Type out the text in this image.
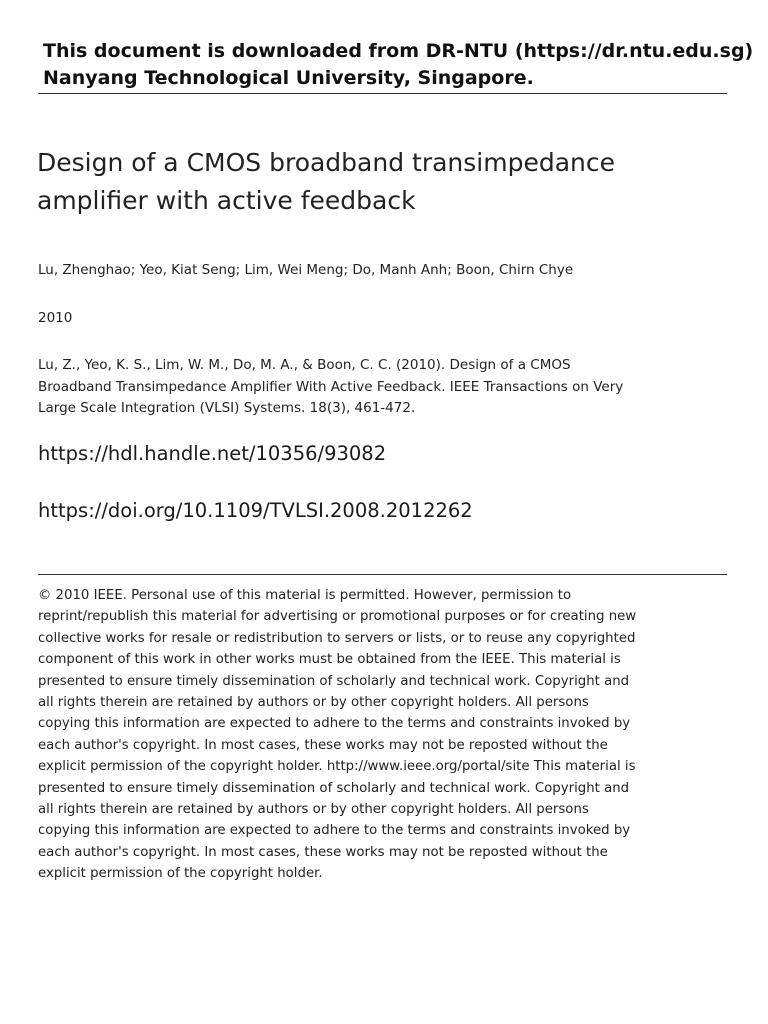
This document is downloaded from DR‑NTU (https://dr.ntu.edu.sg)
Nanyang Technological University, Singapore.
Design of a CMOS broadband transimpedance amplifier with active feedback
Lu, Zhenghao; Yeo, Kiat Seng; Lim, Wei Meng; Do, Manh Anh; Boon, Chirn Chye
2010
Lu, Z., Yeo, K. S., Lim, W. M., Do, M. A., & Boon, C. C. (2010). Design of a CMOS Broadband Transimpedance Amplifier With Active Feedback. IEEE Transactions on Very Large Scale Integration (VLSI) Systems. 18(3), 461-472.
https://hdl.handle.net/10356/93082
https://doi.org/10.1109/TVLSI.2008.2012262
© 2010 IEEE. Personal use of this material is permitted. However, permission to reprint/republish this material for advertising or promotional purposes or for creating new collective works for resale or redistribution to servers or lists, or to reuse any copyrighted component of this work in other works must be obtained from the IEEE. This material is presented to ensure timely dissemination of scholarly and technical work. Copyright and all rights therein are retained by authors or by other copyright holders. All persons copying this information are expected to adhere to the terms and constraints invoked by each author's copyright. In most cases, these works may not be reposted without the explicit permission of the copyright holder. http://www.ieee.org/portal/site This material is presented to ensure timely dissemination of scholarly and technical work. Copyright and all rights therein are retained by authors or by other copyright holders. All persons copying this information are expected to adhere to the terms and constraints invoked by each author's copyright. In most cases, these works may not be reposted without the explicit permission of the copyright holder.
